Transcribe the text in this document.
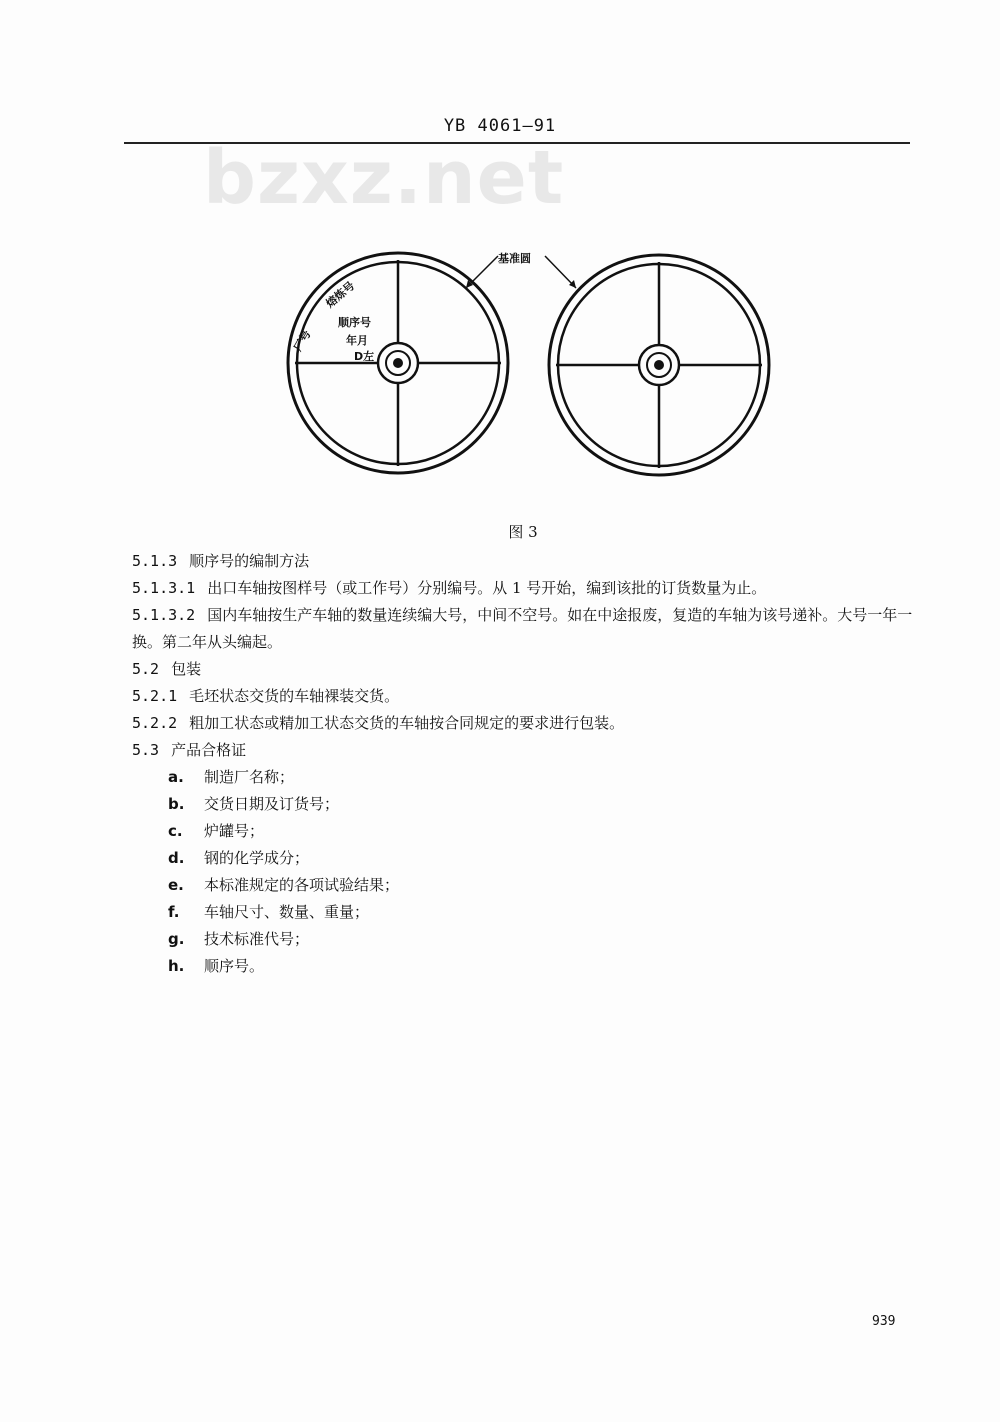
bzxz.net
YB 4061—91
厂号
熔炼号
顺序号
年月
D左
基准圆
图 3

5.1.3 顺序号的编制方法

5.1.3.1 出口车轴按图样号（或工作号）分别编号。从 1 号开始，编到该批的订货数量为止。

5.1.3.2 国内车轴按生产车轴的数量连续编大号，中间不空号。如在中途报废，复造的车轴为该号递补。大号一年一换。第二年从头编起。

5.2 包装

5.2.1 毛坯状态交货的车轴裸装交货。

5.2.2 粗加工状态或精加工状态交货的车轴按合同规定的要求进行包装。

5.3 产品合格证

a. 制造厂名称；

b. 交货日期及订货号；

c. 炉罐号；

d. 钢的化学成分；

e. 本标准规定的各项试验结果；

f. 车轴尺寸、数量、重量；

g. 技术标准代号；

h. 顺序号。

939
